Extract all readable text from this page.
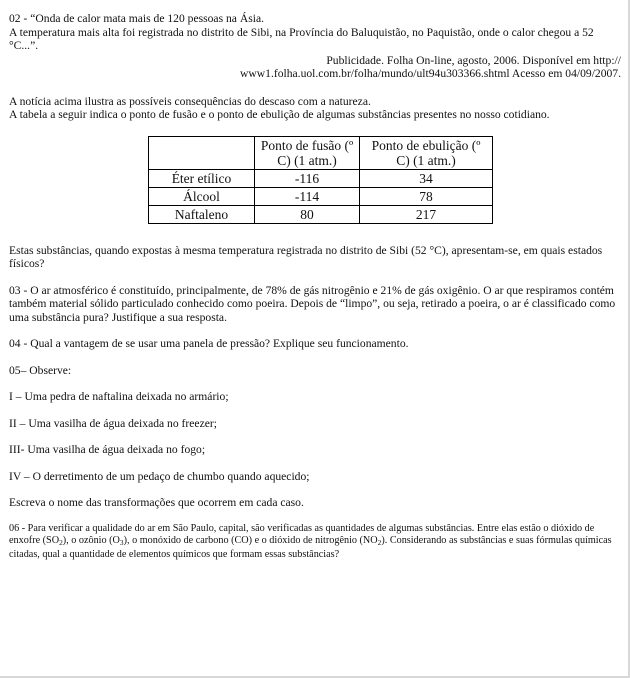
02 - “Onda de calor mata mais de 120 pessoas na Ásia.

A temperatura mais alta foi registrada no distrito de Sibi, na Província do Baluquistão, no Paquistão, onde o calor chegou a 52 °C...”.

Publicidade. Folha On-line, agosto, 2006. Disponível em http://

www1.folha.uol.com.br/folha/mundo/ult94u303366.shtml Acesso em 04/09/2007.

A notícia acima ilustra as possíveis consequências do descaso com a natureza.

A tabela a seguir indica o ponto de fusão e o ponto de ebulição de algumas substâncias presentes no nosso cotidiano.

	Ponto de fusão (º C) (1 atm.)	Ponto de ebulição (º C) (1 atm.)
Éter etílico	-116	34
Álcool	-114	78
Naftaleno	80	217

Estas substâncias, quando expostas à mesma temperatura registrada no distrito de Sibi (52 °C), apresentam-se, em quais estados físicos?

03 - O ar atmosférico é constituído, principalmente, de 78% de gás nitrogênio e 21% de gás oxigênio. O ar que respiramos contém também material sólido particulado conhecido como poeira. Depois de “limpo”, ou seja, retirado a poeira, o ar é classificado como uma substância pura? Justifique a sua resposta.

04 - Qual a vantagem de se usar uma panela de pressão? Explique seu funcionamento.

05– Observe:

I – Uma pedra de naftalina deixada no armário;

II – Uma vasilha de água deixada no freezer;

III- Uma vasilha de água deixada no fogo;

IV – O derretimento de um pedaço de chumbo quando aquecido;

Escreva o nome das transformações que ocorrem em cada caso.

06 - Para verificar a qualidade do ar em São Paulo, capital, são verificadas as quantidades de algumas substâncias. Entre elas estão o dióxido de enxofre $(SO_2)$, o ozônio $(O_3)$, o monóxido de carbono (CO) e o dióxido de nitrogênio $(NO_2)$. Considerando as substâncias e suas fórmulas químicas citadas, qual a quantidade de elementos químicos que formam essas substâncias?
